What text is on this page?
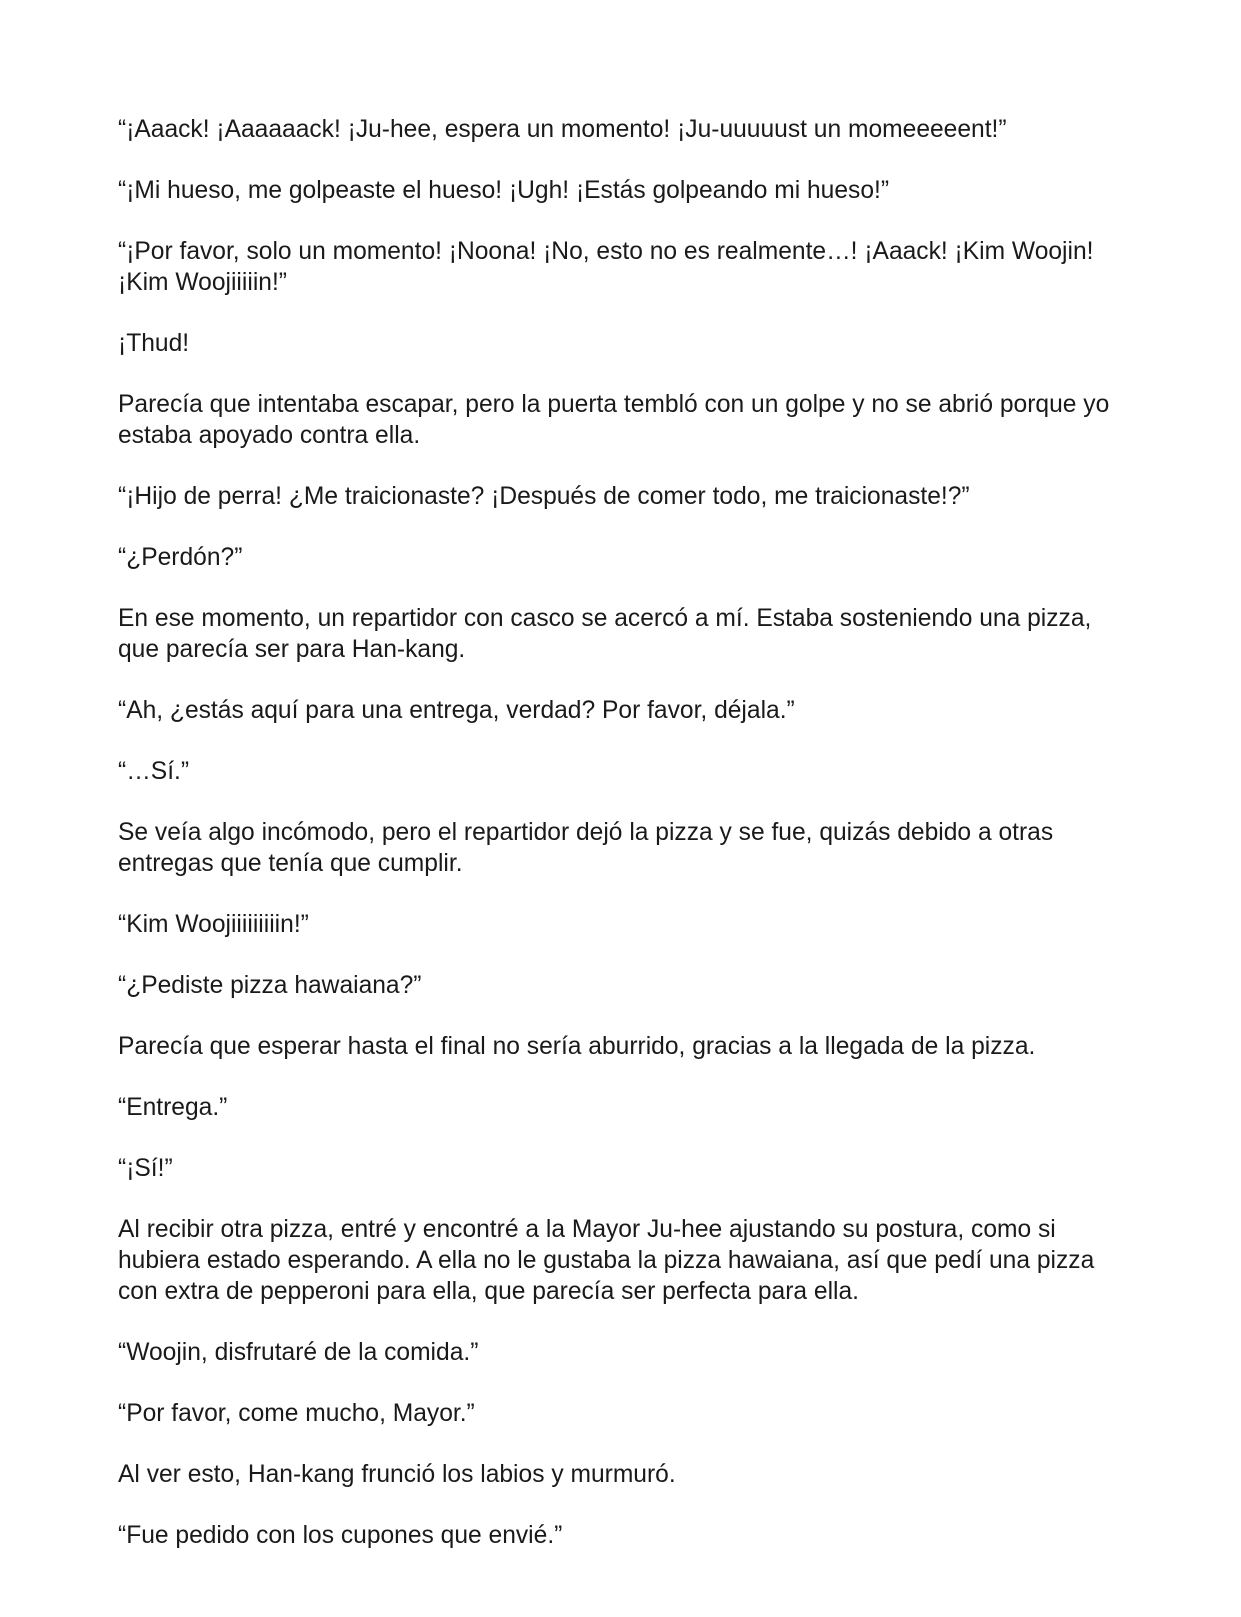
“¡Aaack! ¡Aaaaaack! ¡Ju-hee, espera un momento! ¡Ju-uuuuust un momeeeeent!”

“¡Mi hueso, me golpeaste el hueso! ¡Ugh! ¡Estás golpeando mi hueso!”

“¡Por favor, solo un momento! ¡Noona! ¡No, esto no es realmente…! ¡Aaack! ¡Kim Woojin! ¡Kim Woojiiiiin!”

¡Thud!

Parecía que intentaba escapar, pero la puerta tembló con un golpe y no se abrió porque yo estaba apoyado contra ella.

“¡Hijo de perra! ¿Me traicionaste? ¡Después de comer todo, me traicionaste!?”

“¿Perdón?”

En ese momento, un repartidor con casco se acercó a mí. Estaba sosteniendo una pizza, que parecía ser para Han-kang.

“Ah, ¿estás aquí para una entrega, verdad? Por favor, déjala.”

“…Sí.”

Se veía algo incómodo, pero el repartidor dejó la pizza y se fue, quizás debido a otras entregas que tenía que cumplir.

“Kim Woojiiiiiiiiin!”

“¿Pediste pizza hawaiana?”

Parecía que esperar hasta el final no sería aburrido, gracias a la llegada de la pizza.

“Entrega.”

“¡Sí!”

Al recibir otra pizza, entré y encontré a la Mayor Ju-hee ajustando su postura, como si hubiera estado esperando. A ella no le gustaba la pizza hawaiana, así que pedí una pizza con extra de pepperoni para ella, que parecía ser perfecta para ella.

“Woojin, disfrutaré de la comida.”

“Por favor, come mucho, Mayor.”

Al ver esto, Han-kang frunció los labios y murmuró.

“Fue pedido con los cupones que envié.”
